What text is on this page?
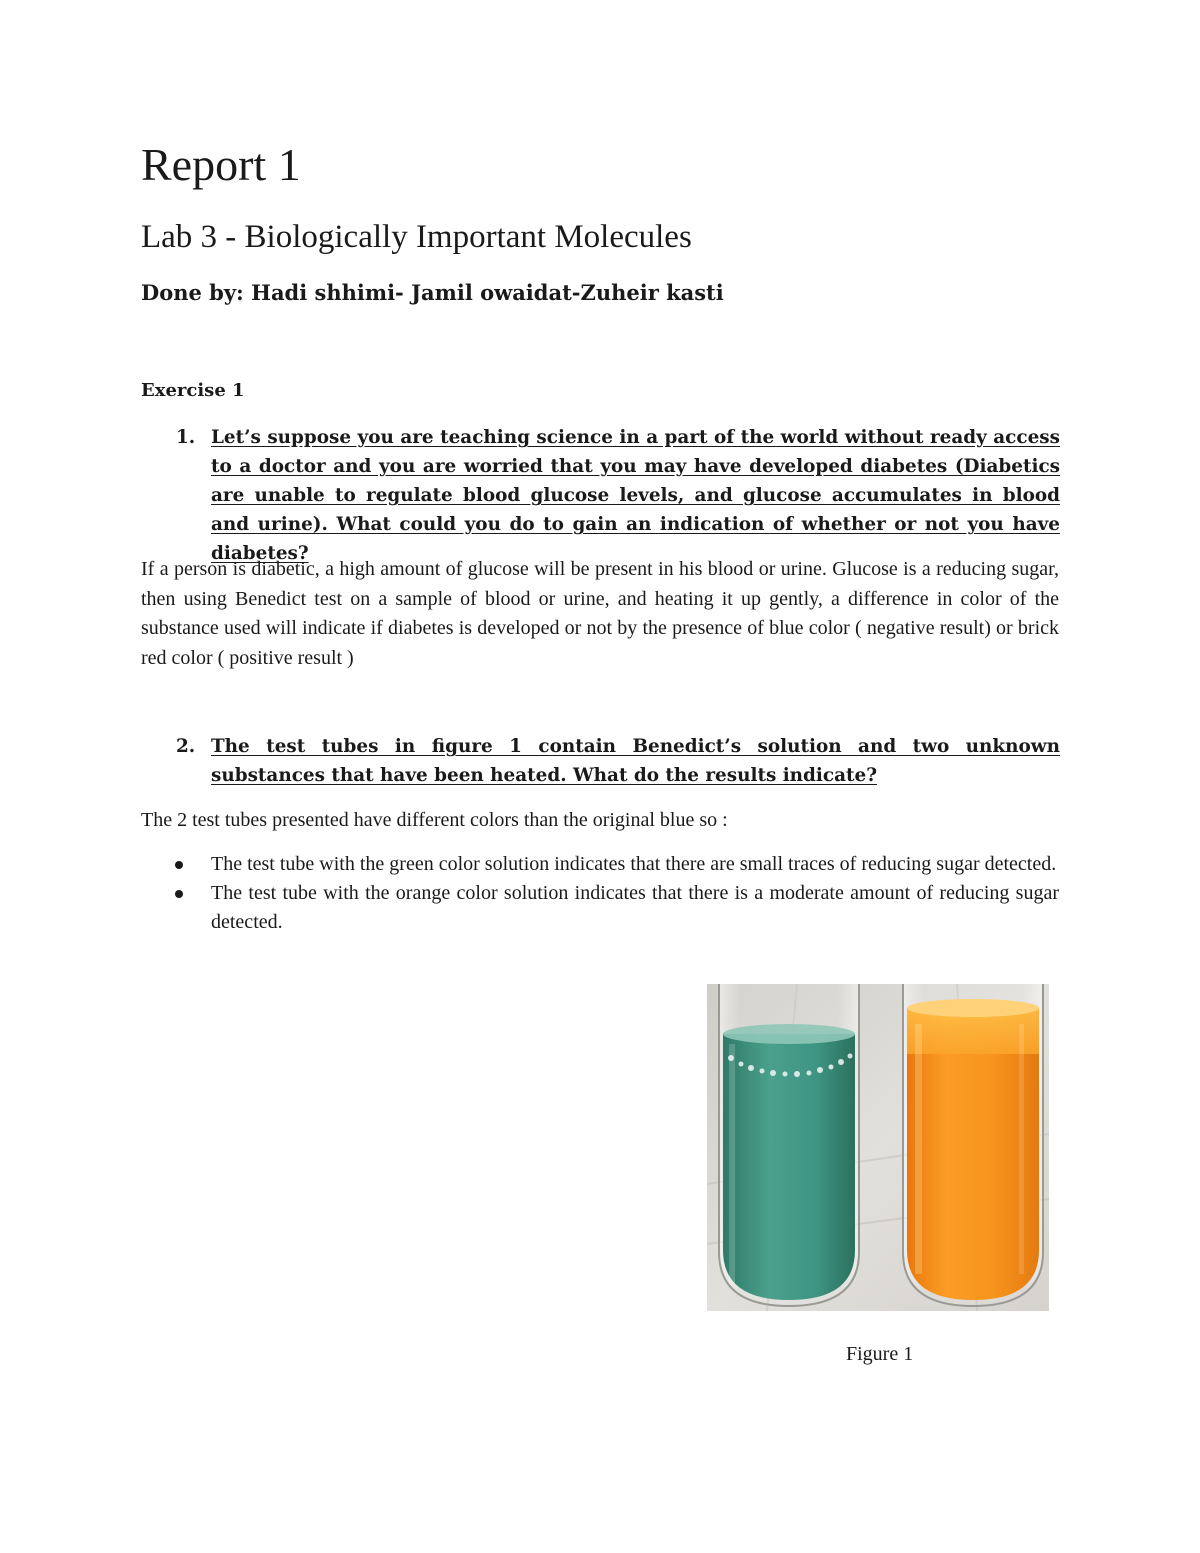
Report 1
Lab 3 - Biologically Important Molecules

Done by: Hadi shhimi- Jamil owaidat-Zuheir kasti

Exercise 1

1. Let’s suppose you are teaching science in a part of the world without ready access to a doctor and you are worried that you may have developed diabetes (Diabetics are unable to regulate blood glucose levels, and glucose accumulates in blood and urine). What could you do to gain an indication of whether or not you have diabetes?

If a person is diabetic, a high amount of glucose will be present in his blood or urine. Glucose is a reducing sugar, then using Benedict test on a sample of blood or urine, and heating it up gently, a difference in color of the substance used will indicate if diabetes is developed or not by the presence of blue color ( negative result) or brick red color ( positive result )

2. The test tubes in figure 1 contain Benedict’s solution and two unknown substances that have been heated. What do the results indicate?

The 2 test tubes presented have different colors than the original blue so :

The test tube with the green color solution indicates that there are small traces of reducing sugar detected.
The test tube with the orange color solution indicates that there is a moderate amount of reducing sugar detected.

Figure 1
